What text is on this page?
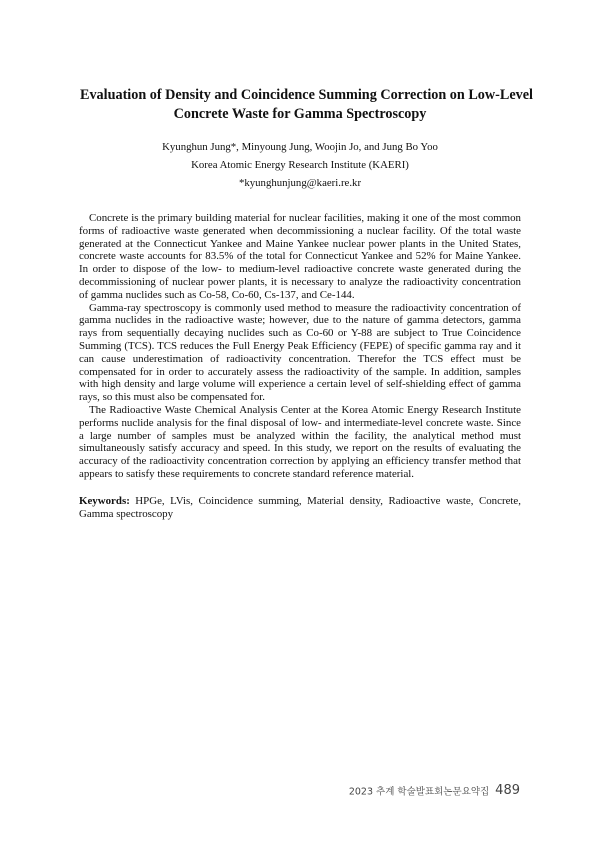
Evaluation of Density and Coincidence Summing Correction on Low-Level
Concrete Waste for Gamma Spectroscopy
Kyunghun Jung*, Minyoung Jung, Woojin Jo, and Jung Bo Yoo
Korea Atomic Energy Research Institute (KAERI)
*kyunghunjung@kaeri.re.kr

Concrete is the primary building material for nuclear facilities, making it one of the most common forms of radioactive waste generated when decommissioning a nuclear facility. Of the total waste generated at the Connecticut Yankee and Maine Yankee nuclear power plants in the United States, concrete waste accounts for 83.5% of the total for Connecticut Yankee and 52% for Maine Yankee. In order to dispose of the low- to medium-level radioactive concrete waste generated during the decommissioning of nuclear power plants, it is necessary to analyze the radioactivity concentration of gamma nuclides such as Co-58, Co-60, Cs-137, and Ce-144.

Gamma-ray spectroscopy is commonly used method to measure the radioactivity concentration of gamma nuclides in the radioactive waste; however, due to the nature of gamma detectors, gamma rays from sequentially decaying nuclides such as Co-60 or Y-88 are subject to True Coincidence Summing (TCS). TCS reduces the Full Energy Peak Efficiency (FEPE) of specific gamma ray and it can cause underestimation of radioactivity concentration. Therefor the TCS effect must be compensated for in order to accurately assess the radioactivity of the sample. In addition, samples with high density and large volume will experience a certain level of self-shielding effect of gamma rays, so this must also be compensated for.

The Radioactive Waste Chemical Analysis Center at the Korea Atomic Energy Research Institute performs nuclide analysis for the final disposal of low- and intermediate-level concrete waste. Since a large number of samples must be analyzed within the facility, the analytical method must simultaneously satisfy accuracy and speed. In this study, we report on the results of evaluating the accuracy of the radioactivity concentration correction by applying an efficiency transfer method that appears to satisfy these requirements to concrete standard reference material.

Keywords: HPGe, LVis, Coincidence summing, Material density, Radioactive waste, Concrete, Gamma spectroscopy

2023 추계 학술발표회논문요약집 489
